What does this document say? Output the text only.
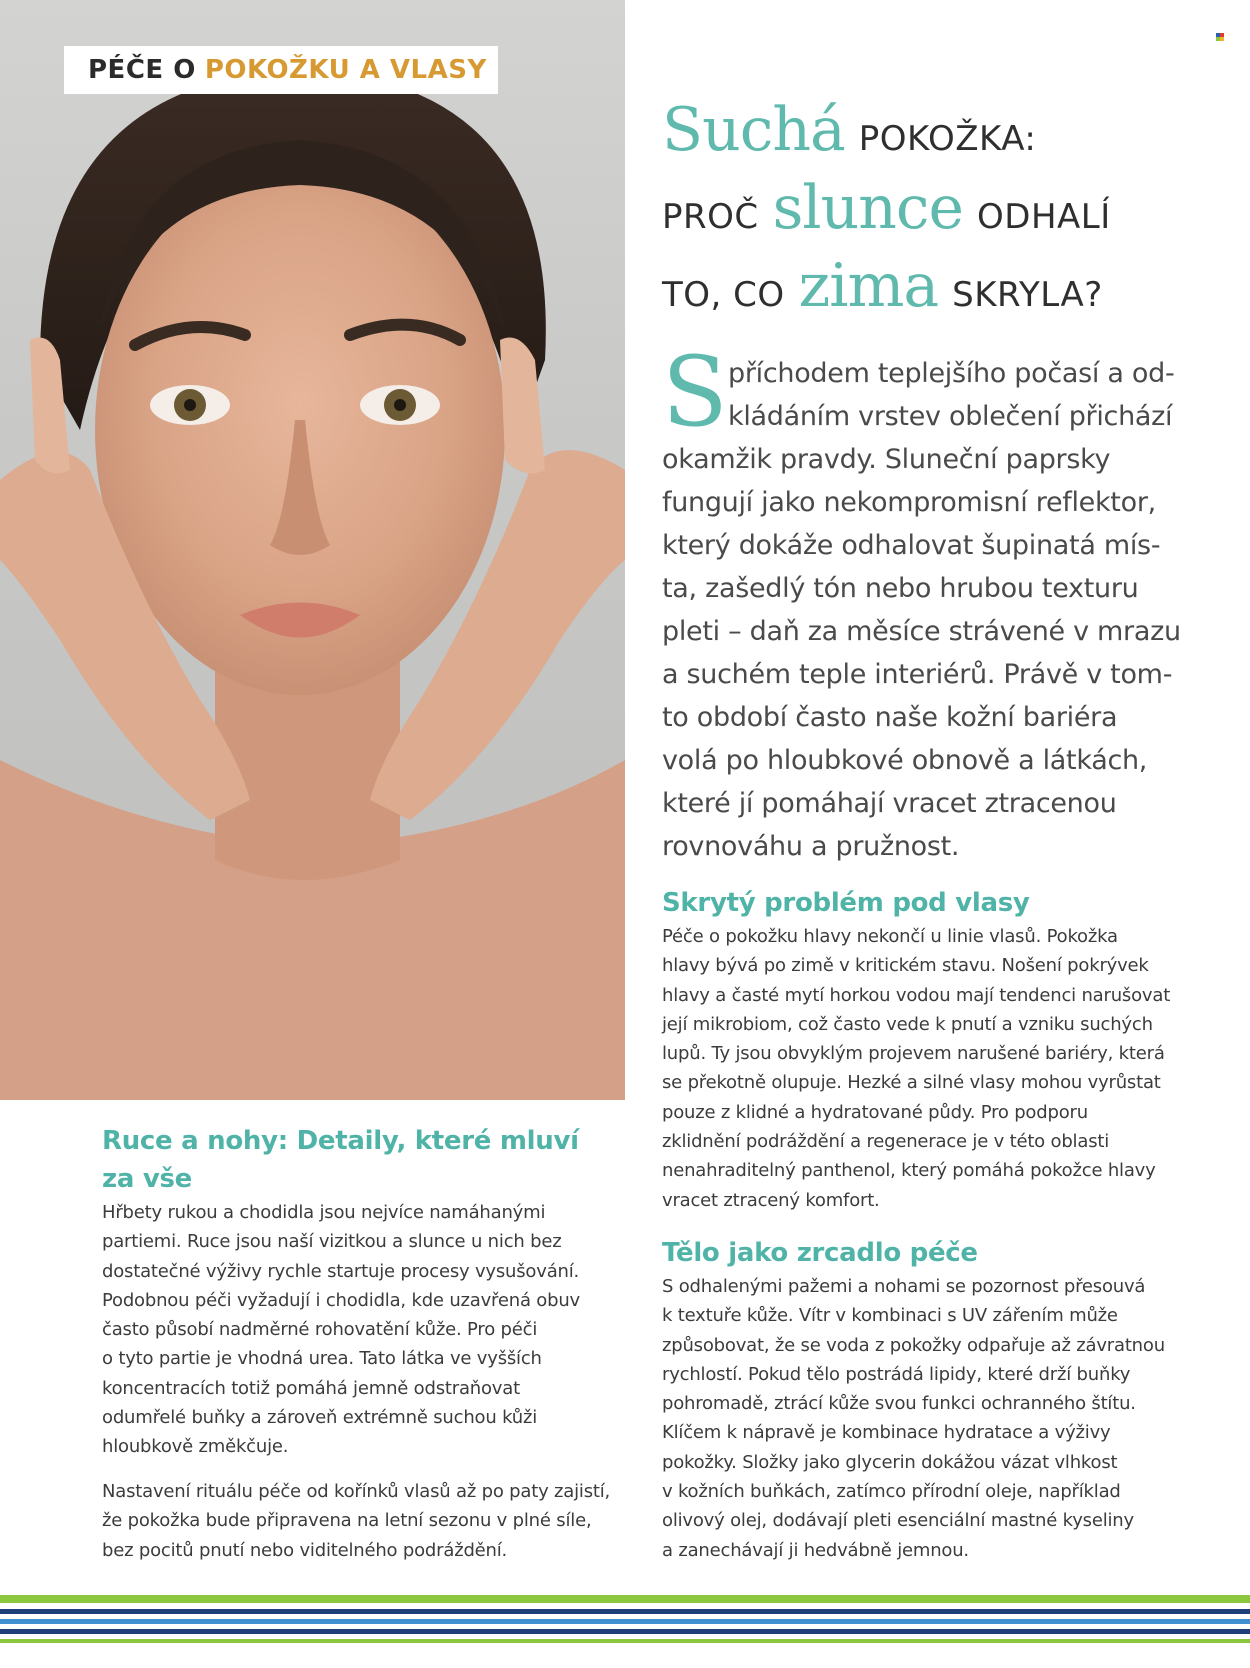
PÉČE O POKOŽKU A VLASY
Suchá POKOŽKA:
PROČ slunce ODHALÍ
TO, CO zima SKRYLA?
S příchodem teplejšího počasí a od-
kládáním vrstev oblečení přichází
okamžik pravdy. Sluneční paprsky
fungují jako nekompromisní reflektor,
který dokáže odhalovat šupinatá mís-
ta, zašedlý tón nebo hrubou texturu
pleti – daň za měsíce strávené v mrazu
a suchém teple interiérů. Právě v tom-
to období často naše kožní bariéra
volá po hloubkové obnově a látkách,
které jí pomáhají vracet ztracenou
rovnováhu a pružnost.
Skrytý problém pod vlasy
Péče o pokožku hlavy nekončí u linie vlasů. Pokožka
hlavy bývá po zimě v kritickém stavu. Nošení pokrývek
hlavy a časté mytí horkou vodou mají tendenci narušovat
její mikrobiom, což často vede k pnutí a vzniku suchých
lupů. Ty jsou obvyklým projevem narušené bariéry, která
se překotně olupuje. Hezké a silné vlasy mohou vyrůstat
pouze z klidné a hydratované půdy. Pro podporu
zklidnění podráždění a regenerace je v této oblasti
nenahraditelný panthenol, který pomáhá pokožce hlavy
vracet ztracený komfort.
Tělo jako zrcadlo péče
S odhalenými pažemi a nohami se pozornost přesouvá
k textuře kůže. Vítr v kombinaci s UV zářením může
způsobovat, že se voda z pokožky odpařuje až závratnou
rychlostí. Pokud tělo postrádá lipidy, které drží buňky
pohromadě, ztrácí kůže svou funkci ochranného štítu.
Klíčem k nápravě je kombinace hydratace a výživy
pokožky. Složky jako glycerin dokážou vázat vlhkost
v kožních buňkách, zatímco přírodní oleje, například
olivový olej, dodávají pleti esenciální mastné kyseliny
a zanechávají ji hedvábně jemnou.
Ruce a nohy: Detaily, které mluví
za vše
Hřbety rukou a chodidla jsou nejvíce namáhanými
partiemi. Ruce jsou naší vizitkou a slunce u nich bez
dostatečné výživy rychle startuje procesy vysušování.
Podobnou péči vyžadují i chodidla, kde uzavřená obuv
často působí nadměrné rohovatění kůže. Pro péči
o tyto partie je vhodná urea. Tato látka ve vyšších
koncentracích totiž pomáhá jemně odstraňovat
odumřelé buňky a zároveň extrémně suchou kůži
hloubkově změkčuje.
Nastavení rituálu péče od kořínků vlasů až po paty zajistí,
že pokožka bude připravena na letní sezonu v plné síle,
bez pocitů pnutí nebo viditelného podráždění.
